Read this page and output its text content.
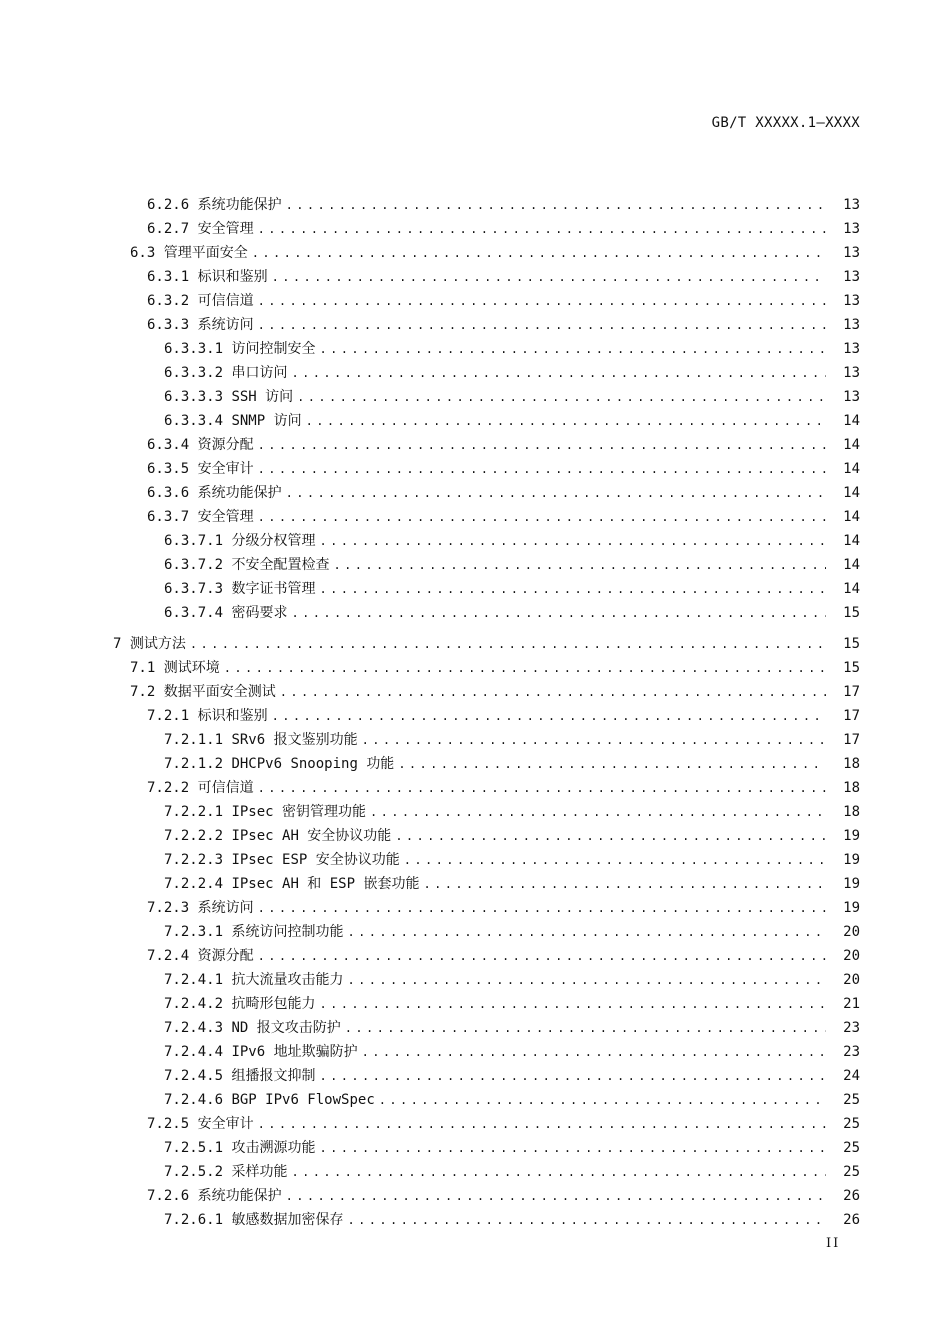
GB/T XXXXX.1—XXXX
6.2.6 系统功能保护 .....	13
6.2.7 安全管理 .....	13
6.3 管理平面安全 .....	13
6.3.1 标识和鉴别 .....	13
6.3.2 可信信道 .....	13
6.3.3 系统访问 .....	13
6.3.3.1 访问控制安全 .....	13
6.3.3.2 串口访问 .....	13
6.3.3.3 SSH 访问 .....	13
6.3.3.4 SNMP 访问 .....	14
6.3.4 资源分配 .....	14
6.3.5 安全审计 .....	14
6.3.6 系统功能保护 .....	14
6.3.7 安全管理 .....	14
6.3.7.1 分级分权管理 .....	14
6.3.7.2 不安全配置检查 .....	14
6.3.7.3 数字证书管理 .....	14
6.3.7.4 密码要求 .....	15
7 测试方法 .....	15
7.1 测试环境 .....	15
7.2 数据平面安全测试 .....	17
7.2.1 标识和鉴别 .....	17
7.2.1.1 SRv6 报文鉴别功能 .....	17
7.2.1.2 DHCPv6 Snooping 功能 .....	18
7.2.2 可信信道 .....	18
7.2.2.1 IPsec 密钥管理功能 .....	18
7.2.2.2 IPsec AH 安全协议功能 .....	19
7.2.2.3 IPsec ESP 安全协议功能 .....	19
7.2.2.4 IPsec AH 和 ESP 嵌套功能 .....	19
7.2.3 系统访问 .....	19
7.2.3.1 系统访问控制功能 .....	20
7.2.4 资源分配 .....	20
7.2.4.1 抗大流量攻击能力 .....	20
7.2.4.2 抗畸形包能力 .....	21
7.2.4.3 ND 报文攻击防护 .....	23
7.2.4.4 IPv6 地址欺骗防护 .....	23
7.2.4.5 组播报文抑制 .....	24
7.2.4.6 BGP IPv6 FlowSpec .....	25
7.2.5 安全审计 .....	25
7.2.5.1 攻击溯源功能 .....	25
7.2.5.2 采样功能 .....	25
7.2.6 系统功能保护 .....	26
7.2.6.1 敏感数据加密保存 .....	26
II
